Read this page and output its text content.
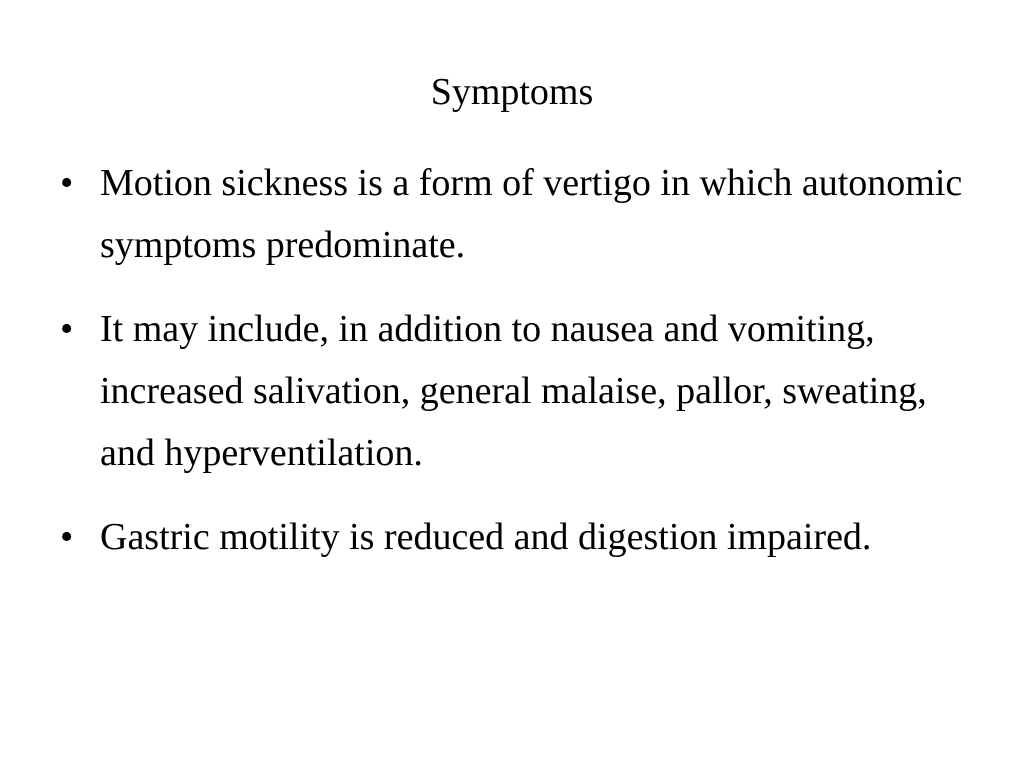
Symptoms
• Motion sickness is a form of vertigo in which autonomic symptoms predominate.
• It may include, in addition to nausea and vomiting, increased salivation, general malaise, pallor, sweating, and hyperventilation.
• Gastric motility is reduced and digestion impaired.
